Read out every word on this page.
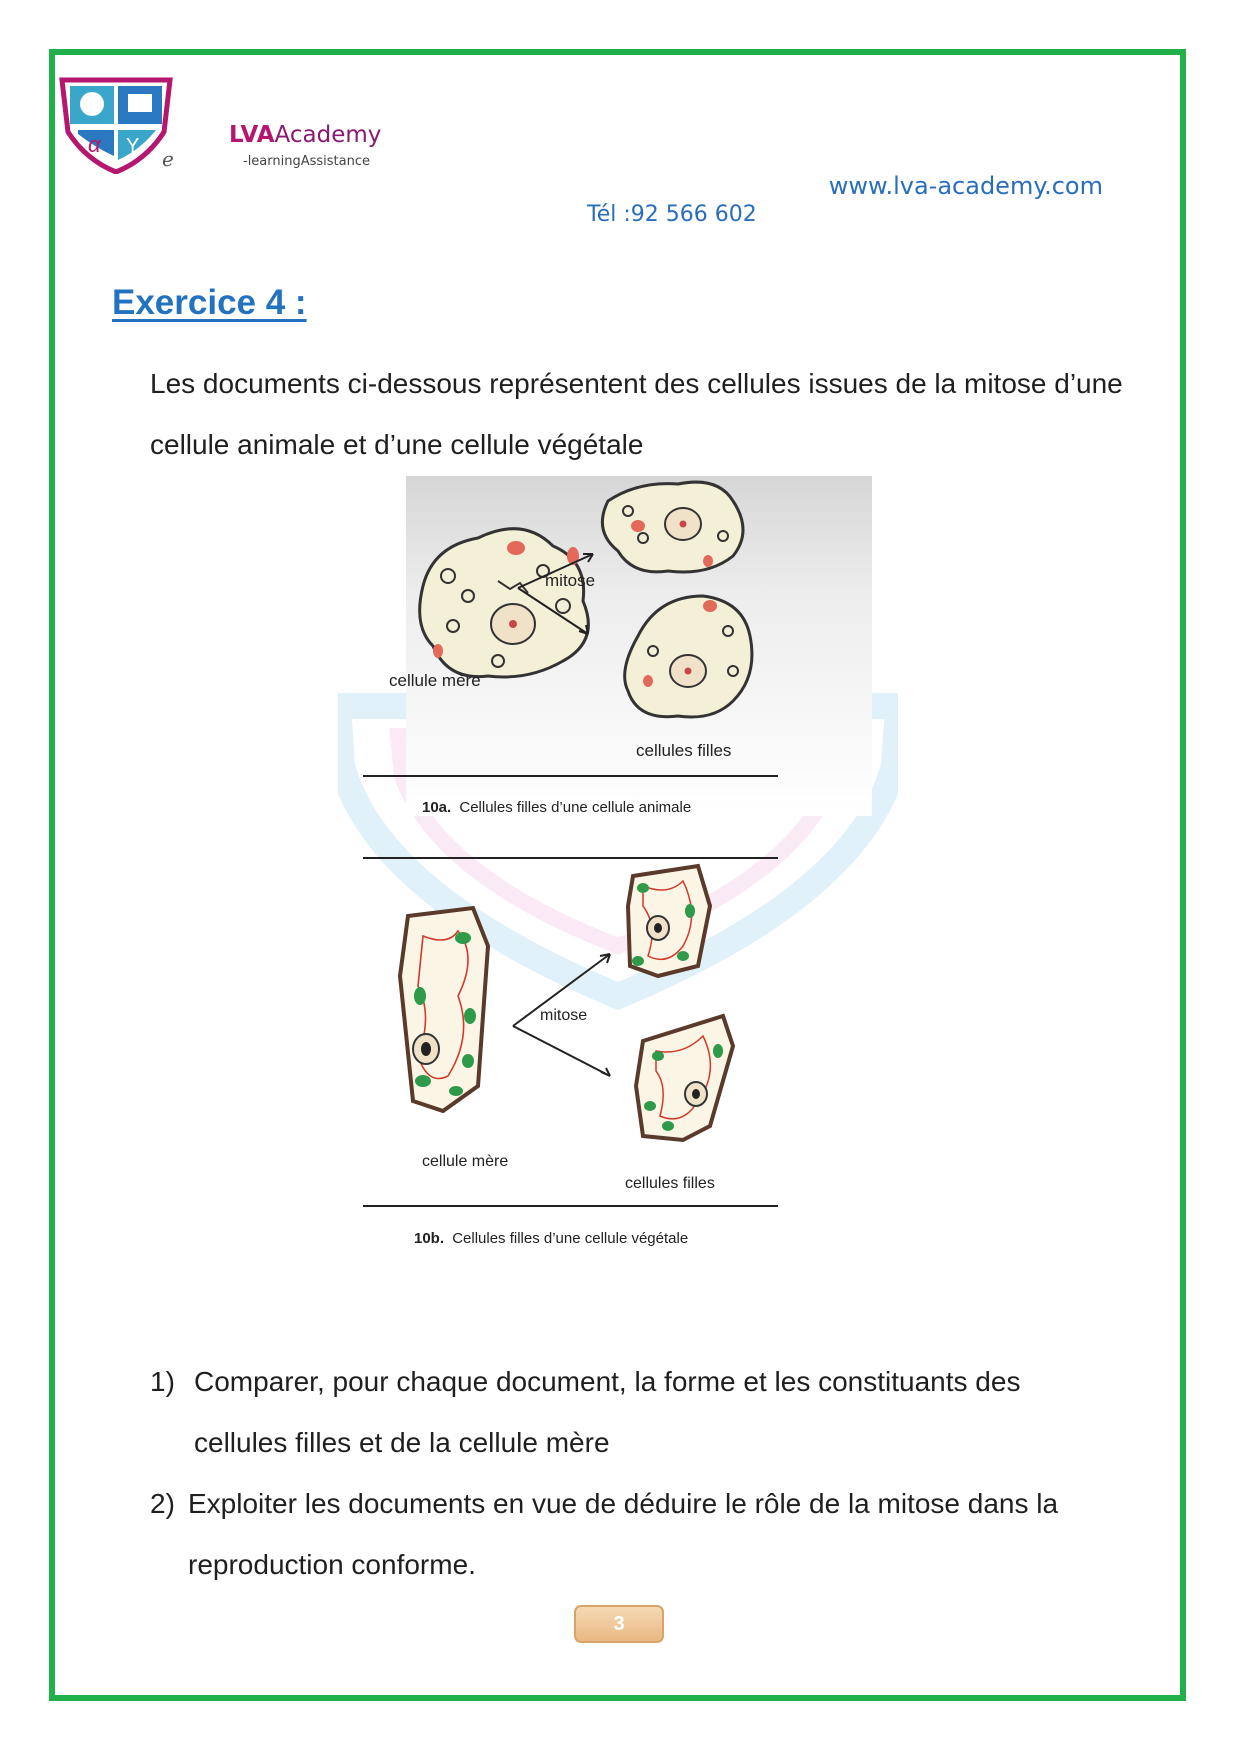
α Y
e
LVAAcademy
-learningAssistance
www.lva-academy.com
Tél :92 566 602
Exercice 4 :
Les documents ci-dessous représentent des cellules issues de la mitose d’une cellule animale et d’une cellule végétale
mitose
cellule mère
cellules filles
10a. Cellules filles d’une cellule animale
mitose
cellule mère
cellules filles
10b. Cellules filles d’une cellule végétale
1) Comparer, pour chaque document, la forme et les constituants des cellules filles et de la cellule mère
2) Exploiter les documents en vue de déduire le rôle de la mitose dans la reproduction conforme.
3
